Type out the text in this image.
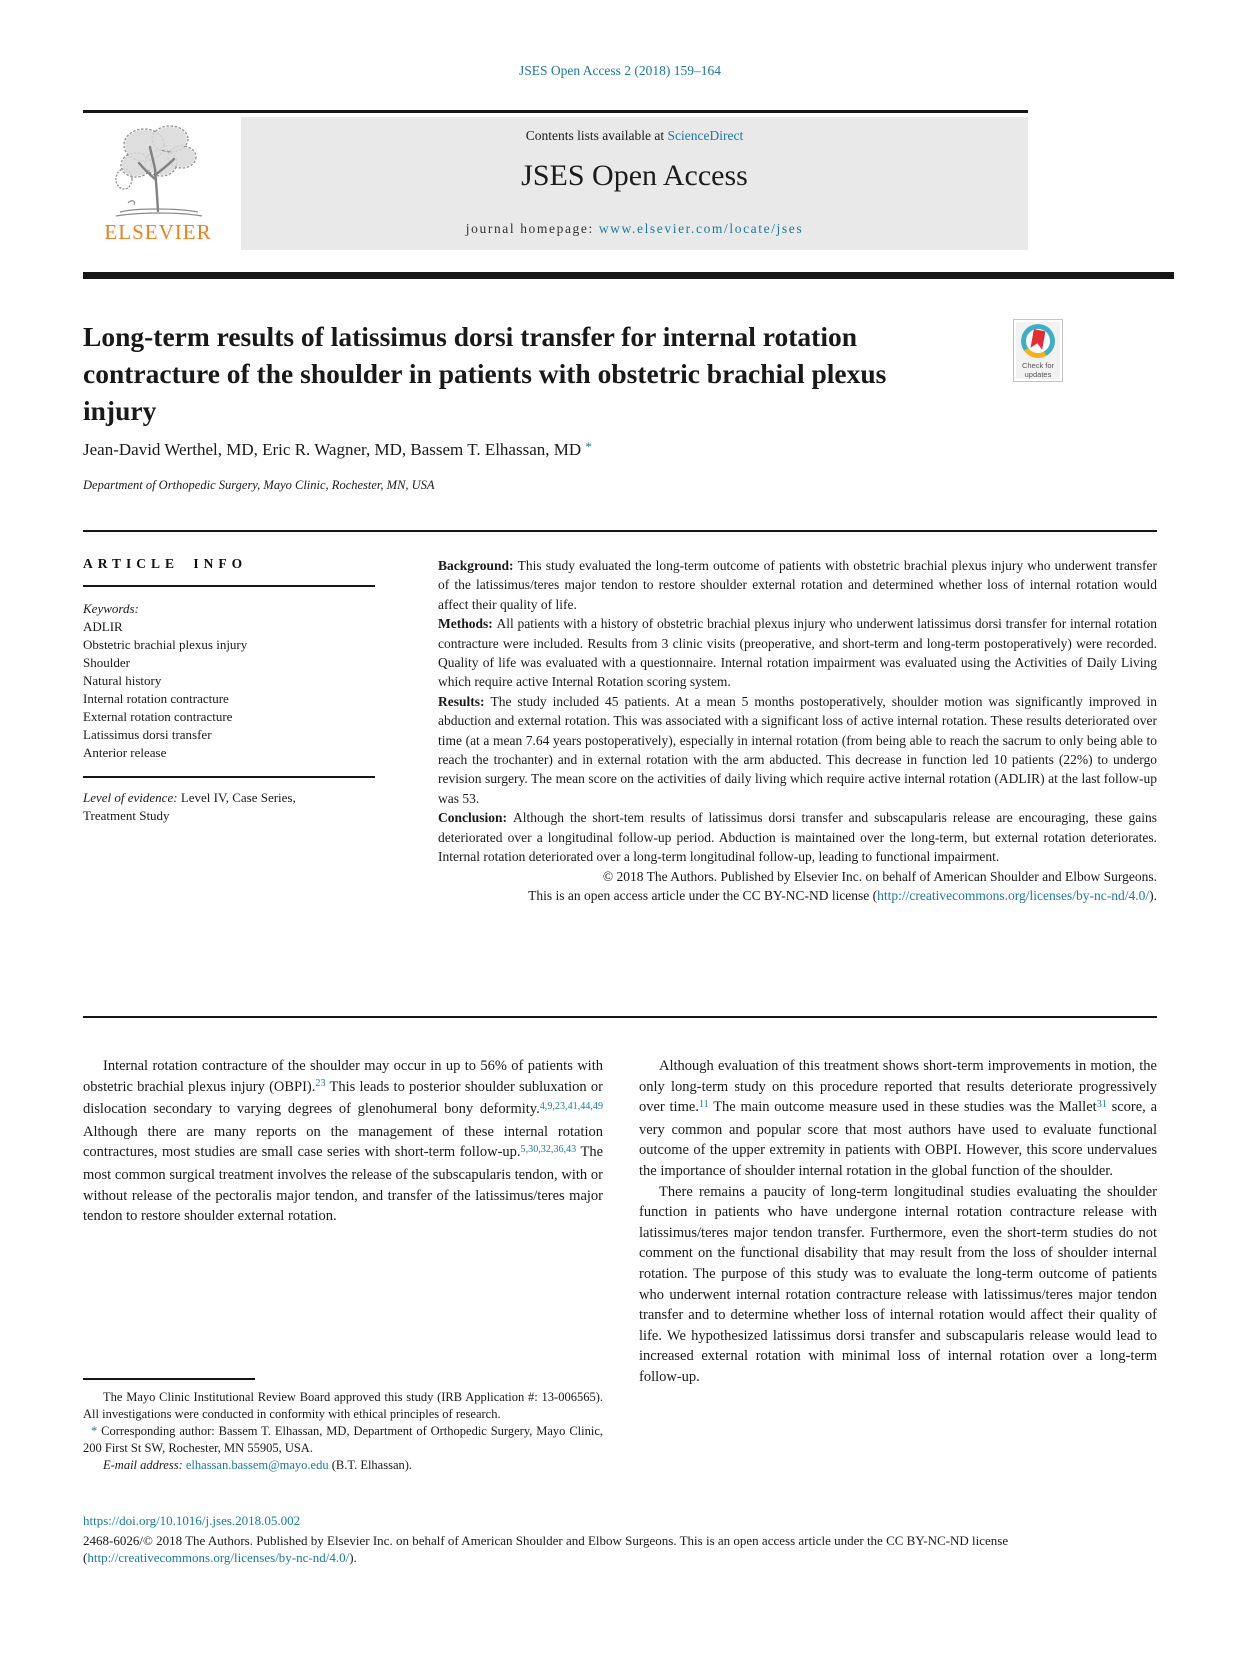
JSES Open Access 2 (2018) 159–164
ELSEVIER
Contents lists available at ScienceDirect
JSES Open Access
journal homepage: www.elsevier.com/locate/jses
Long-term results of latissimus dorsi transfer for internal rotation contracture of the shoulder in patients with obstetric brachial plexus injury
Check for updates
Jean-David Werthel, MD, Eric R. Wagner, MD, Bassem T. Elhassan, MD *
Department of Orthopedic Surgery, Mayo Clinic, Rochester, MN, USA
ARTICLE INFO
Keywords:
ADLIR
Obstetric brachial plexus injury
Shoulder
Natural history
Internal rotation contracture
External rotation contracture
Latissimus dorsi transfer
Anterior release
Level of evidence: Level IV, Case Series, Treatment Study

Background: This study evaluated the long-term outcome of patients with obstetric brachial plexus injury who underwent transfer of the latissimus/teres major tendon to restore shoulder external rotation and determined whether loss of internal rotation would affect their quality of life.

Methods: All patients with a history of obstetric brachial plexus injury who underwent latissimus dorsi transfer for internal rotation contracture were included. Results from 3 clinic visits (preoperative, and short-term and long-term postoperatively) were recorded. Quality of life was evaluated with a questionnaire. Internal rotation impairment was evaluated using the Activities of Daily Living which require active Internal Rotation scoring system.

Results: The study included 45 patients. At a mean 5 months postoperatively, shoulder motion was significantly improved in abduction and external rotation. This was associated with a significant loss of active internal rotation. These results deteriorated over time (at a mean 7.64 years postoperatively), especially in internal rotation (from being able to reach the sacrum to only being able to reach the trochanter) and in external rotation with the arm abducted. This decrease in function led 10 patients (22%) to undergo revision surgery. The mean score on the activities of daily living which require active internal rotation (ADLIR) at the last follow-up was 53.

Conclusion: Although the short-tem results of latissimus dorsi transfer and subscapularis release are encouraging, these gains deteriorated over a longitudinal follow-up period. Abduction is maintained over the long-term, but external rotation deteriorates. Internal rotation deteriorated over a long-term longitudinal follow-up, leading to functional impairment.

© 2018 The Authors. Published by Elsevier Inc. on behalf of American Shoulder and Elbow Surgeons.
This is an open access article under the CC BY-NC-ND license (http://creativecommons.org/licenses/by-nc-nd/4.0/).

Internal rotation contracture of the shoulder may occur in up to 56% of patients with obstetric brachial plexus injury (OBPI).$^{23}$ This leads to posterior shoulder subluxation or dislocation secondary to varying degrees of glenohumeral bony deformity.$^{4,9,23,41,44,49}$ Although there are many reports on the management of these internal rotation contractures, most studies are small case series with short-term follow-up.$^{5,30,32,36,43}$ The most common surgical treatment involves the release of the subscapularis tendon, with or without release of the pectoralis major tendon, and transfer of the latissimus/teres major tendon to restore shoulder external rotation.

Although evaluation of this treatment shows short-term improvements in motion, the only long-term study on this procedure reported that results deteriorate progressively over time.$^{11}$ The main outcome measure used in these studies was the Mallet$^{31}$ score, a very common and popular score that most authors have used to evaluate functional outcome of the upper extremity in patients with OBPI. However, this score undervalues the importance of shoulder internal rotation in the global function of the shoulder.

There remains a paucity of long-term longitudinal studies evaluating the shoulder function in patients who have undergone internal rotation contracture release with latissimus/teres major tendon transfer. Furthermore, even the short-term studies do not comment on the functional disability that may result from the loss of shoulder internal rotation. The purpose of this study was to evaluate the long-term outcome of patients who underwent internal rotation contracture release with latissimus/teres major tendon transfer and to determine whether loss of internal rotation would affect their quality of life. We hypothesized latissimus dorsi transfer and subscapularis release would lead to increased external rotation with minimal loss of internal rotation over a long-term follow-up.

The Mayo Clinic Institutional Review Board approved this study (IRB Application #: 13-006565). All investigations were conducted in conformity with ethical principles of research.

* Corresponding author: Bassem T. Elhassan, MD, Department of Orthopedic Surgery, Mayo Clinic, 200 First St SW, Rochester, MN 55905, USA.

E-mail address: elhassan.bassem@mayo.edu (B.T. Elhassan).

https://doi.org/10.1016/j.jses.2018.05.002

2468-6026/© 2018 The Authors. Published by Elsevier Inc. on behalf of American Shoulder and Elbow Surgeons. This is an open access article under the CC BY-NC-ND license (http://creativecommons.org/licenses/by-nc-nd/4.0/).
